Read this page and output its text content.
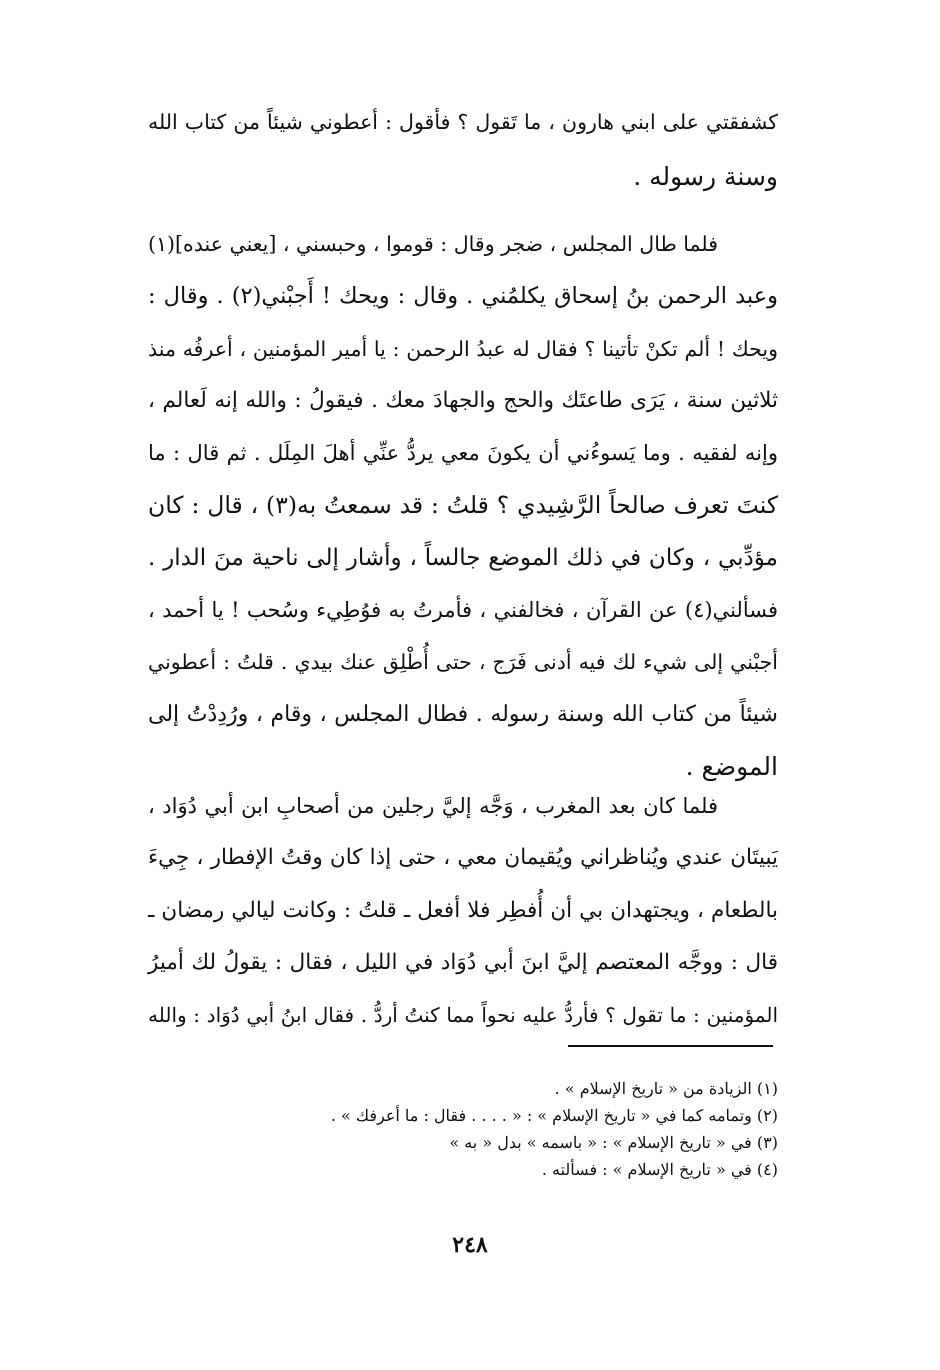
كشفقتي على ابني هارون ، ما تَقول ؟ فأقول : أعطوني شيئاً من كتاب الله
وسنة رسوله .
فلما طال المجلس ، ضجر وقال : قوموا ، وحبسني ، [يعني عنده](١)
وعبد الرحمن بنُ إسحاق يكلمُني . وقال : ويحك ! أَجبْني(٢) . وقال :
ويحك ! ألم تكنْ تأتينا ؟ فقال له عبدُ الرحمن : يا أمير المؤمنين ، أعرفُه منذ
ثلاثين سنة ، يَرَى طاعتَك والحج والجهادَ معك . فيقولُ : والله إنه لَعالم ،
وإنه لفقيه . وما يَسوءُني أن يكونَ معي يردُّ عنِّي أهلَ المِلَل . ثم قال : ما
كنتَ تعرف صالحاً الرَّشِيدي ؟ قلتُ : قد سمعتُ به(٣) ، قال : كان
مؤدِّبي ، وكان في ذلك الموضع جالساً ، وأشار إلى ناحية منَ الدار .
فسألني(٤) عن القرآن ، فخالفني ، فأمرتُ به فوُطِيء وسُحب ! يا أحمد ،
أجبْني إلى شيء لك فيه أدنى فَرَج ، حتى أُطْلِق عنك بيدي . قلتُ : أعطوني
شيئاً من كتاب الله وسنة رسوله . فطال المجلس ، وقام ، ورُدِدْتُ إلى
الموضع .
فلما كان بعد المغرب ، وَجَّه إليَّ رجلين من أصحابِ ابن أبي دُوَاد ،
يَبيتَان عندي ويُناظراني ويُقيمان معي ، حتى إذا كان وقتُ الإفطار ، جِيءَ
بالطعام ، ويجتهدان بي أن أُفطِر فلا أفعل ـ قلتُ : وكانت ليالي رمضان ـ
قال : ووجَّه المعتصم إليَّ ابنَ أبي دُوَاد في الليل ، فقال : يقولُ لك أميرُ
المؤمنين : ما تقول ؟ فأردُّ عليه نحواً مما كنتُ أردُّ . فقال ابنُ أبي دُوَاد : والله
(١) الزيادة من « تاريخ الإسلام » .
(٢) وتمامه كما في « تاريخ الإسلام » : « . . . . فقال : ما أعرفك » .
(٣) في « تاريخ الإسلام » : « باسمه » بدل « به »
(٤) في « تاريخ الإسلام » : فسألته .
٢٤٨
